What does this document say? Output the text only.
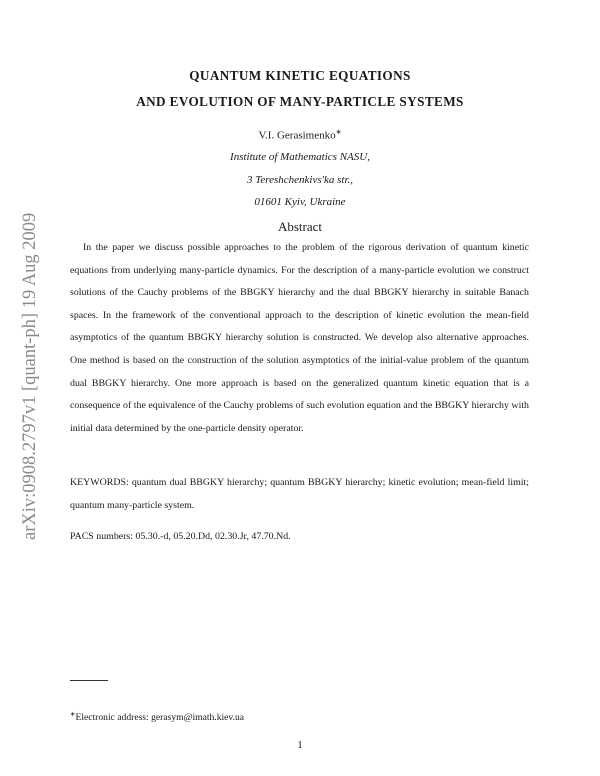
arXiv:0908.2797v1 [quant-ph] 19 Aug 2009
QUANTUM KINETIC EQUATIONS
AND EVOLUTION OF MANY-PARTICLE SYSTEMS
V.I. Gerasimenko∗
Institute of Mathematics NASU,
3 Tereshchenkivs'ka str.,
01601 Kyiv, Ukraine
Abstract
In the paper we discuss possible approaches to the problem of the rigorous derivation of quantum kinetic equations from underlying many-particle dynamics. For the description of a many-particle evolution we construct solutions of the Cauchy problems of the BBGKY hierarchy and the dual BBGKY hierarchy in suitable Banach spaces. In the framework of the conventional approach to the description of kinetic evolution the mean-field asymptotics of the quantum BBGKY hierarchy solution is constructed. We develop also alternative approaches. One method is based on the construction of the solution asymptotics of the initial-value problem of the quantum dual BBGKY hierarchy. One more approach is based on the generalized quantum kinetic equation that is a consequence of the equivalence of the Cauchy problems of such evolution equation and the BBGKY hierarchy with initial data determined by the one-particle density operator.
KEYWORDS: quantum dual BBGKY hierarchy; quantum BBGKY hierarchy; kinetic evolution; mean-field limit; quantum many-particle system.
PACS numbers: 05.30.-d, 05.20.Dd, 02.30.Jr, 47.70.Nd.
∗Electronic address: gerasym@imath.kiev.ua
1
